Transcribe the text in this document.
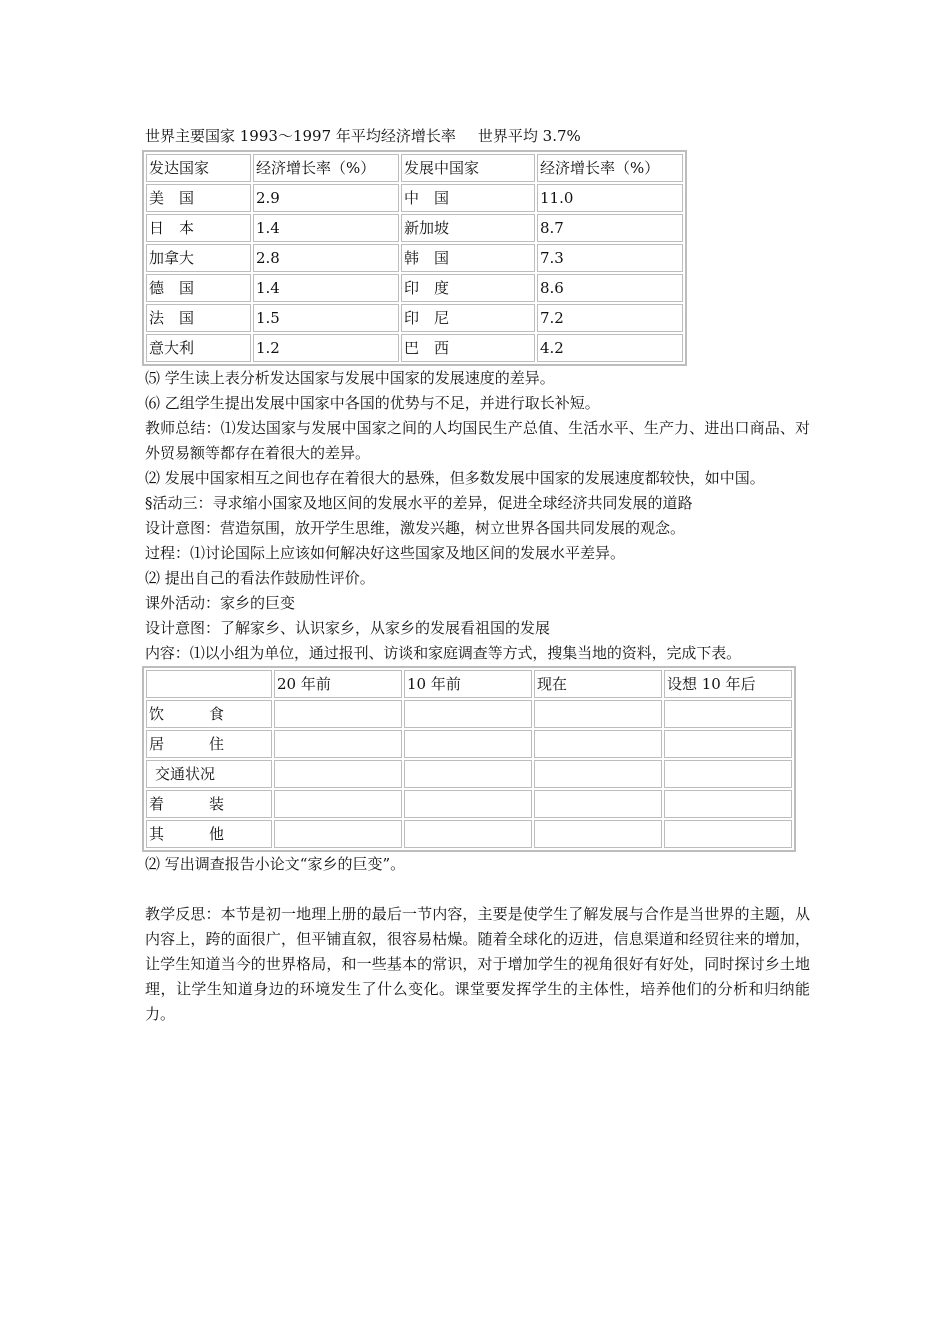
世界主要国家 1993～1997 年平均经济增长率 世界平均 3.7%
发达国家	经济增长率（%）	发展中国家	经济增长率（%）
美　国	2.9	中　国	11.0
日　本	1.4	新加坡	8.7
加拿大	2.8	韩　国	7.3
德　国	1.4	印　度	8.6
法　国	1.5	印　尼	7.2
意大利	1.2	巴　西	4.2

⑸ 学生读上表分析发达国家与发展中国家的发展速度的差异。

⑹ 乙组学生提出发展中国家中各国的优势与不足，并进行取长补短。

教师总结：⑴发达国家与发展中国家之间的人均国民生产总值、生活水平、生产力、进出口商品、对外贸易额等都存在着很大的差异。

⑵ 发展中国家相互之间也存在着很大的悬殊，但多数发展中国家的发展速度都较快，如中国。

§活动三：寻求缩小国家及地区间的发展水平的差异，促进全球经济共同发展的道路

设计意图：营造氛围，放开学生思维，激发兴趣，树立世界各国共同发展的观念。

过程：⑴讨论国际上应该如何解决好这些国家及地区间的发展水平差异。

⑵ 提出自己的看法作鼓励性评价。

课外活动：家乡的巨变

设计意图：了解家乡、认识家乡，从家乡的发展看祖国的发展

内容：⑴以小组为单位，通过报刊、访谈和家庭调查等方式，搜集当地的资料，完成下表。

	20 年前	10 年前	现在	设想 10 年后
饮　　　食				
居　　　住				
交通状况				
着　　　装				
其　　　他				

⑵ 写出调查报告小论文“家乡的巨变”。

教学反思：本节是初一地理上册的最后一节内容，主要是使学生了解发展与合作是当世界的主题，从内容上，跨的面很广，但平铺直叙，很容易枯燥。随着全球化的迈进，信息渠道和经贸往来的增加，让学生知道当今的世界格局，和一些基本的常识，对于增加学生的视角很好有好处，同时探讨乡土地理，让学生知道身边的环境发生了什么变化。课堂要发挥学生的主体性，培养他们的分析和归纳能力。
